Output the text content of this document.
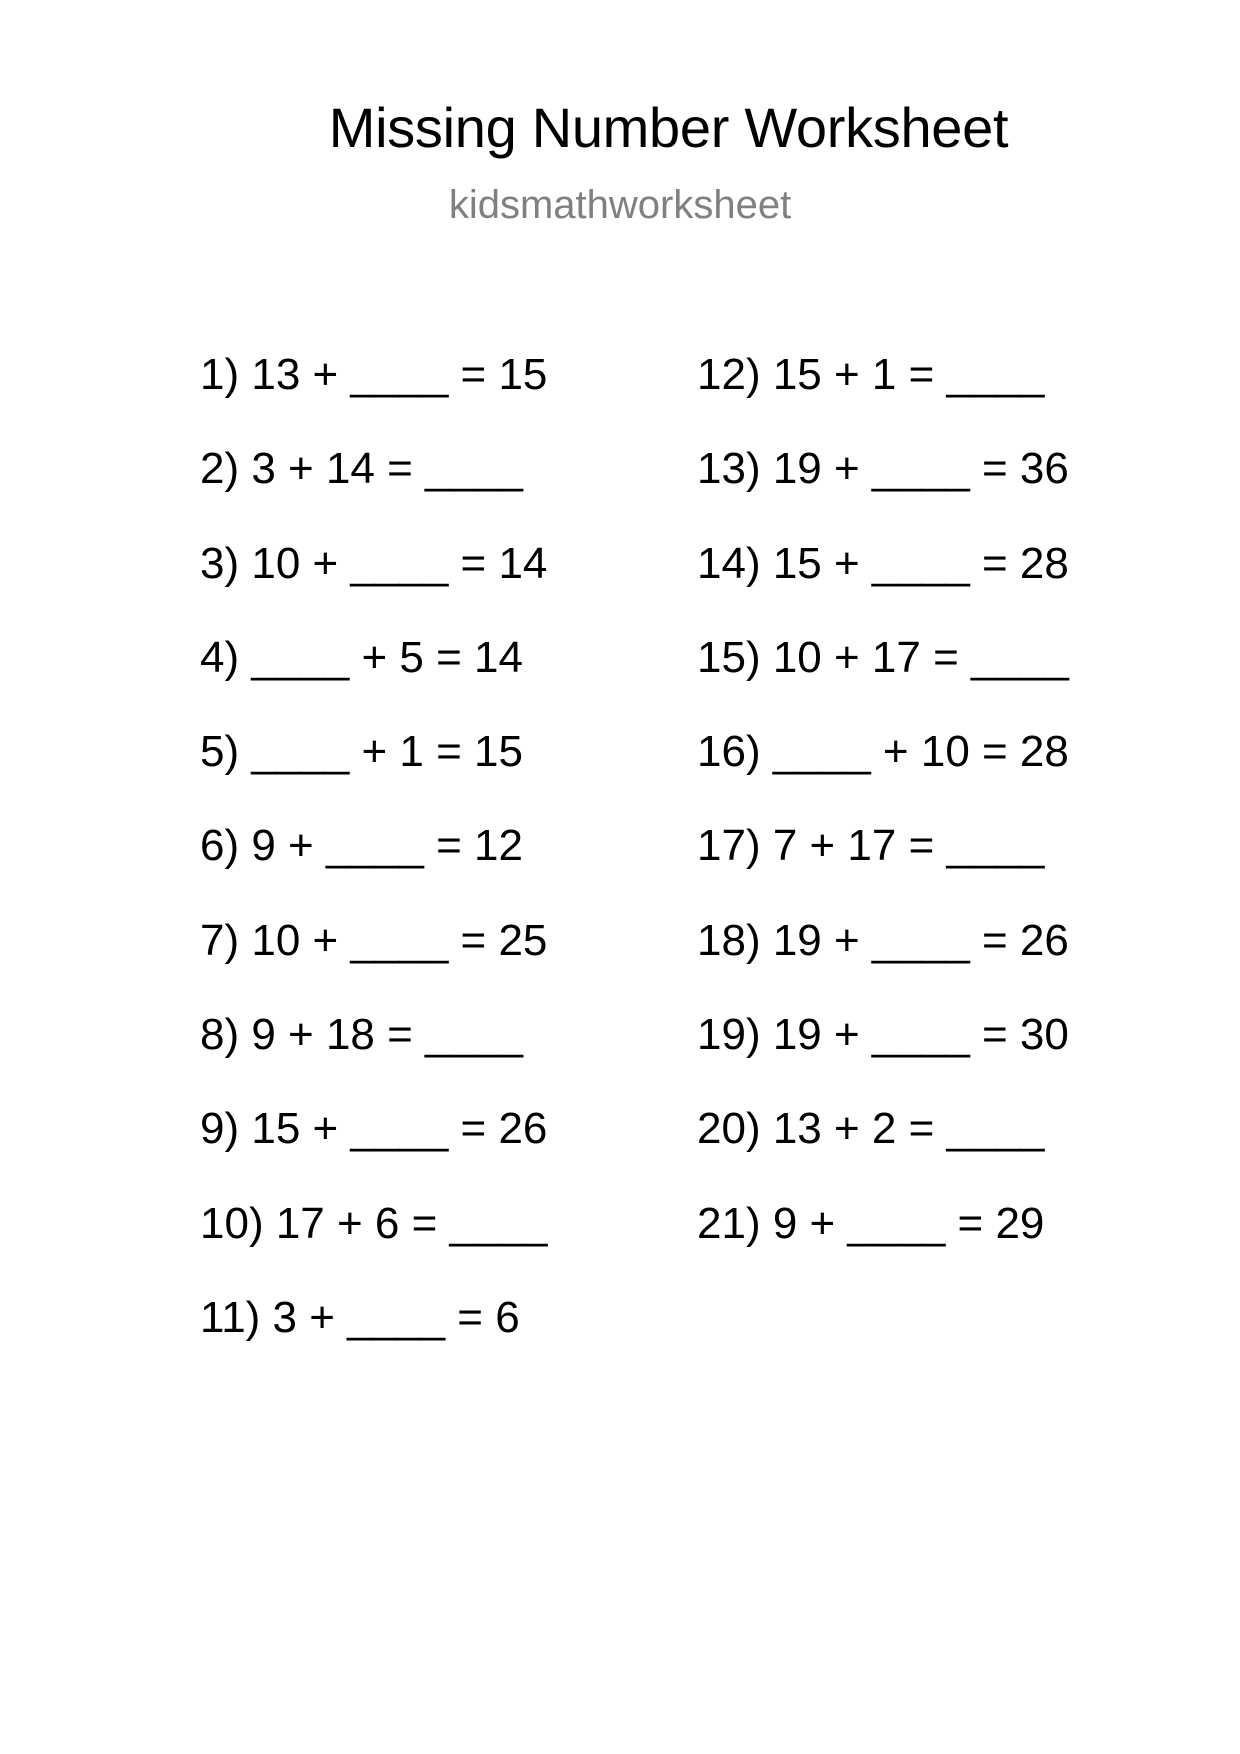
Missing Number Worksheet
kidsmathworksheet
1) 13 + ____ = 15
2) 3 + 14 = ____
3) 10 + ____ = 14
4) ____ + 5 = 14
5) ____ + 1 = 15
6) 9 + ____ = 12
7) 10 + ____ = 25
8) 9 + 18 = ____
9) 15 + ____ = 26
10) 17 + 6 = ____
11) 3 + ____ = 6
12) 15 + 1 = ____
13) 19 + ____ = 36
14) 15 + ____ = 28
15) 10 + 17 = ____
16) ____ + 10 = 28
17) 7 + 17 = ____
18) 19 + ____ = 26
19) 19 + ____ = 30
20) 13 + 2 = ____
21) 9 + ____ = 29
